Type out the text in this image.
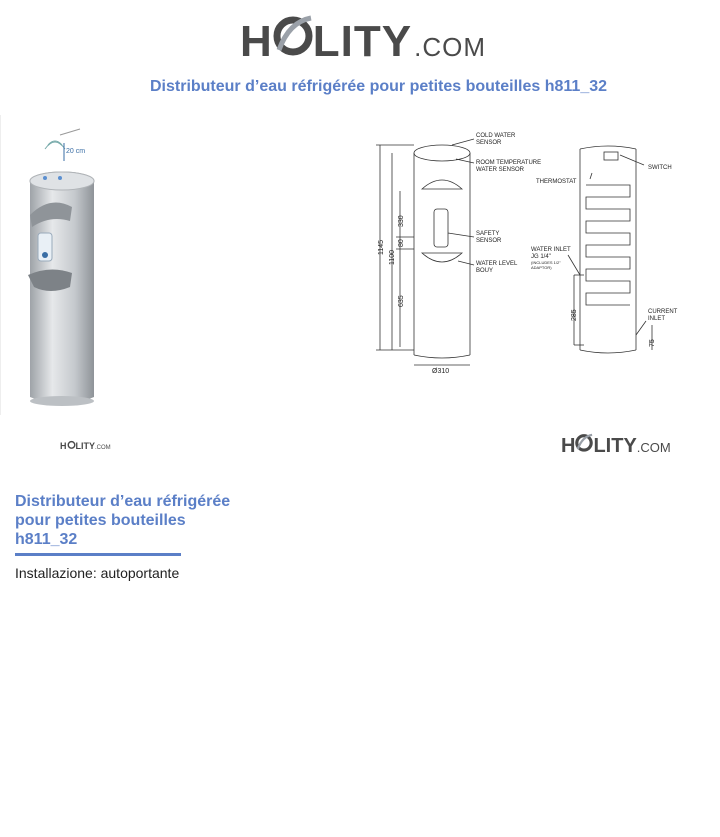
H LITY .COM
Distributeur d’eau réfrigérée pour petites bouteilles h811_32
20 cm
1145
1100
330
80
635
Ø310
COLD WATER
SENSOR
ROOM TEMPERATURE
WATER SENSOR
SAFETY
SENSOR
WATER LEVEL
BOUY
SWITCH
THERMOSTAT
WATER INLET
JG 1/4"
(INCLUDES 1/2"
ADAPTOR)
CURRENT
INLET
285
75
H LITY .COM	H LITY .COM
Distributeur d’eau réfrigérée
pour petites bouteilles
h811_32
Installazione: autoportante
